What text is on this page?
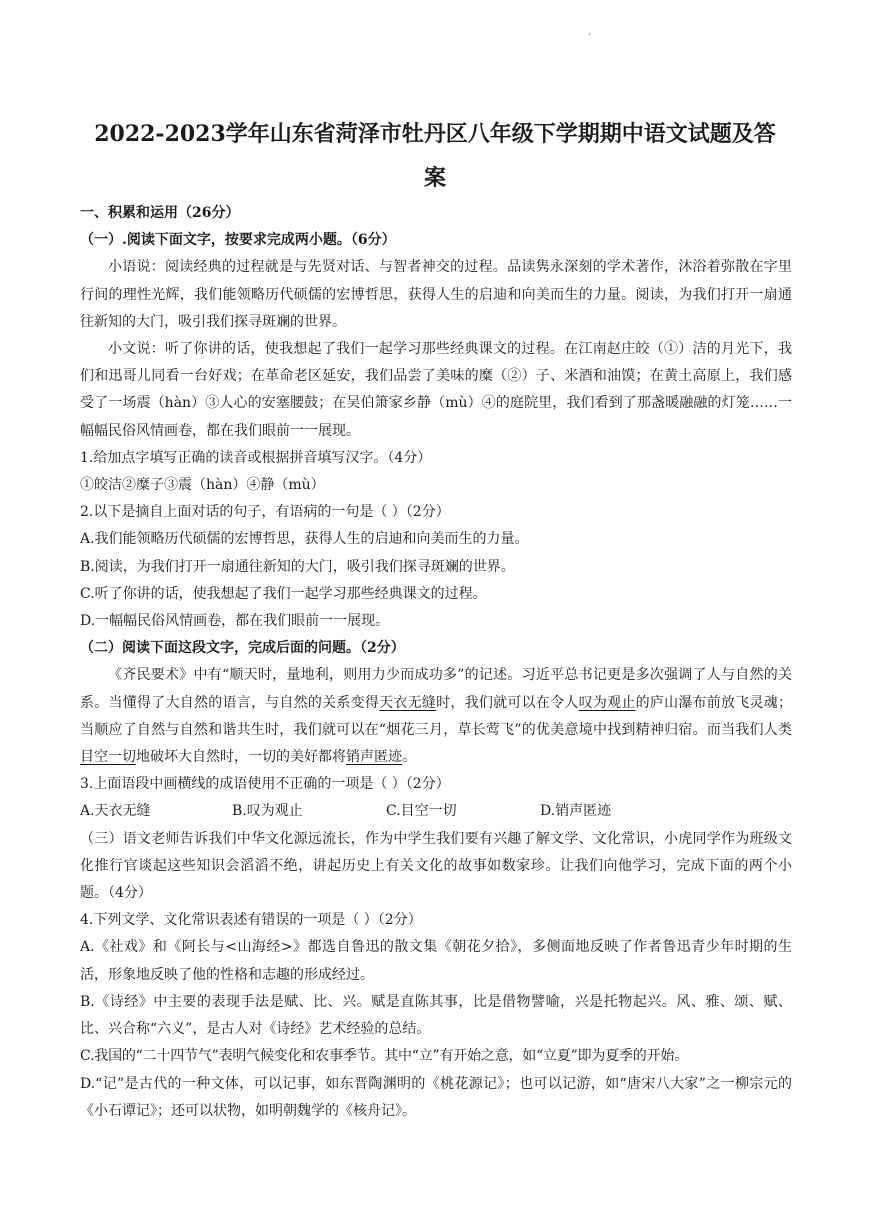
·
2022-2023学年山东省菏泽市牡丹区八年级下学期期中语文试题及答
案

一、积累和运用（26分）

（一）.阅读下面文字，按要求完成两小题。（6分）

小语说：阅读经典的过程就是与先贤对话、与智者神交的过程。品读隽永深刻的学术著作，沐浴着弥散在字里行间的理性光辉，我们能领略历代硕儒的宏博哲思，获得人生的启迪和向美而生的力量。阅读，为我们打开一扇通往新知的大门，吸引我们探寻斑斓的世界。

小文说：听了你讲的话，使我想起了我们一起学习那些经典课文的过程。在江南赵庄皎（①）洁的月光下，我们和迅哥儿同看一台好戏；在革命老区延安，我们品尝了美味的糜（②）子、米酒和油馍；在黄土高原上，我们感受了一场震（hàn）③人心的安塞腰鼓；在吴伯箫家乡静（mù）④的庭院里，我们看到了那盏暖融融的灯笼……一幅幅民俗风情画卷，都在我们眼前一一展现。

1.给加点字填写正确的读音或根据拼音填写汉字。（4分）

①皎洁②糜子③震（hàn）④静（mù）

2.以下是摘自上面对话的句子，有语病的一句是（ ）（2分）

A.我们能领略历代硕儒的宏博哲思，获得人生的启迪和向美而生的力量。

B.阅读，为我们打开一扇通往新知的大门，吸引我们探寻斑斓的世界。

C.听了你讲的话，使我想起了我们一起学习那些经典课文的过程。

D.一幅幅民俗风情画卷，都在我们眼前一一展现。

（二）阅读下面这段文字，完成后面的问题。（2分）

《齐民要术》中有“顺天时，量地利，则用力少而成功多”的记述。习近平总书记更是多次强调了人与自然的关系。当懂得了大自然的语言，与自然的关系变得天衣无缝时，我们就可以在令人叹为观止的庐山瀑布前放飞灵魂；当顺应了自然与自然和谐共生时，我们就可以在“烟花三月，草长莺飞”的优美意境中找到精神归宿。而当我们人类目空一切地破坏大自然时，一切的美好都将销声匿迹。

3.上面语段中画横线的成语使用不正确的一项是（ ）（2分）

A.天衣无缝	B.叹为观止	C.目空一切	D.销声匿迹

（三）语文老师告诉我们中华文化源远流长，作为中学生我们要有兴趣了解文学、文化常识，小虎同学作为班级文化推行官谈起这些知识会滔滔不绝，讲起历史上有关文化的故事如数家珍。让我们向他学习，完成下面的两个小题。（4分）

4.下列文学、文化常识表述有错误的一项是（ ）（2分）

A.《社戏》和《阿长与<山海经>》都选自鲁迅的散文集《朝花夕拾》，多侧面地反映了作者鲁迅青少年时期的生活，形象地反映了他的性格和志趣的形成经过。

B.《诗经》中主要的表现手法是赋、比、兴。赋是直陈其事，比是借物譬喻，兴是托物起兴。风、雅、颂、赋、比、兴合称“六义”，是古人对《诗经》艺术经验的总结。

C.我国的“二十四节气”表明气候变化和农事季节。其中“立”有开始之意，如“立夏”即为夏季的开始。

D.“记”是古代的一种文体，可以记事，如东晋陶渊明的《桃花源记》；也可以记游，如“唐宋八大家”之一柳宗元的《小石谭记》；还可以状物，如明朝魏学的《核舟记》。
